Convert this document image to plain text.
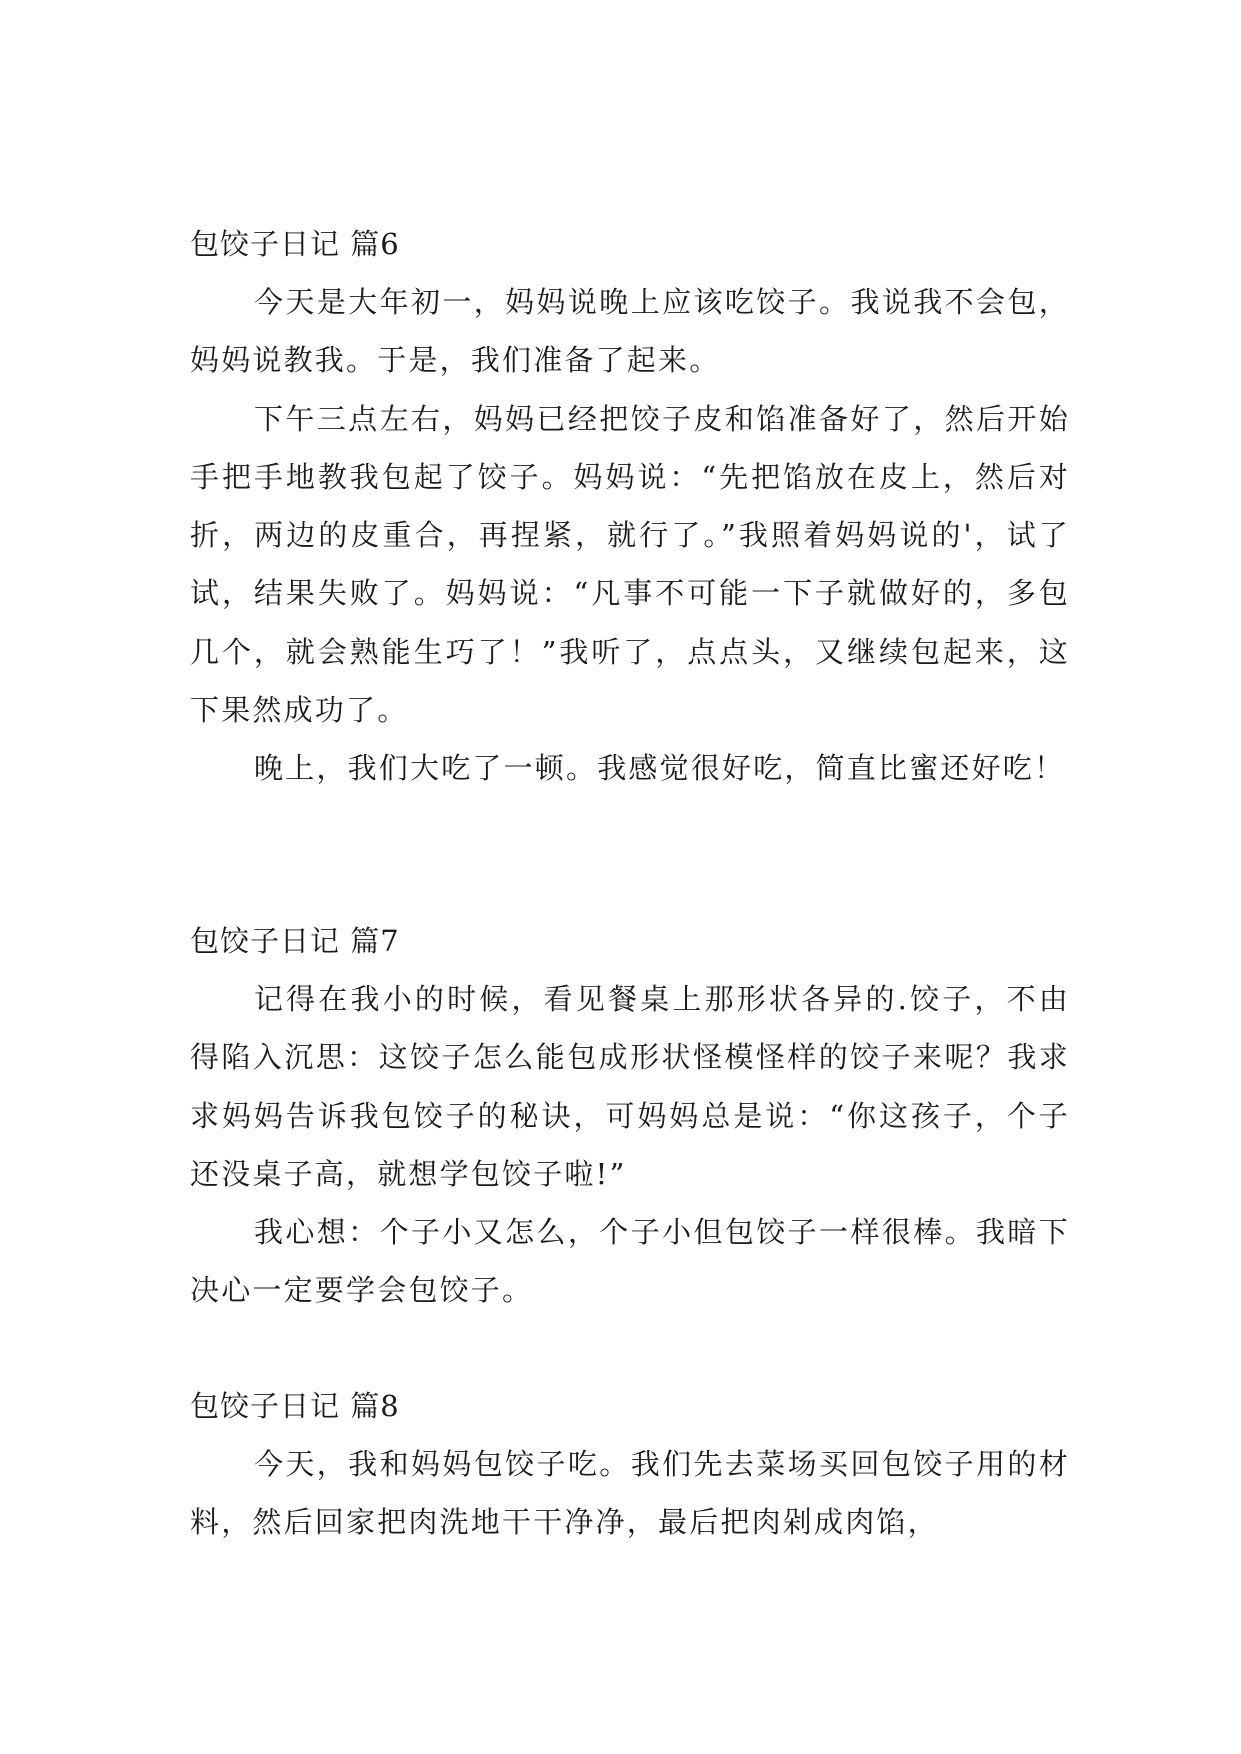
包饺子日记 篇6

今天是大年初一，妈妈说晚上应该吃饺子。我说我不会包，妈妈说教我。于是，我们准备了起来。

下午三点左右，妈妈已经把饺子皮和馅准备好了，然后开始手把手地教我包起了饺子。妈妈说：“先把馅放在皮上，然后对折，两边的皮重合，再捏紧，就行了。”我照着妈妈说的'，试了试，结果失败了。妈妈说：“凡事不可能一下子就做好的，多包几个，就会熟能生巧了！”我听了，点点头，又继续包起来，这下果然成功了。

晚上，我们大吃了一顿。我感觉很好吃，简直比蜜还好吃！

包饺子日记 篇7

记得在我小的时候，看见餐桌上那形状各异的.饺子，不由得陷入沉思：这饺子怎么能包成形状怪模怪样的饺子来呢？我求求妈妈告诉我包饺子的秘诀，可妈妈总是说：“你这孩子，个子还没桌子高，就想学包饺子啦!”

我心想：个子小又怎么，个子小但包饺子一样很棒。我暗下决心一定要学会包饺子。

包饺子日记 篇8

今天，我和妈妈包饺子吃。我们先去菜场买回包饺子用的材料，然后回家把肉洗地干干净净，最后把肉剁成肉馅，
